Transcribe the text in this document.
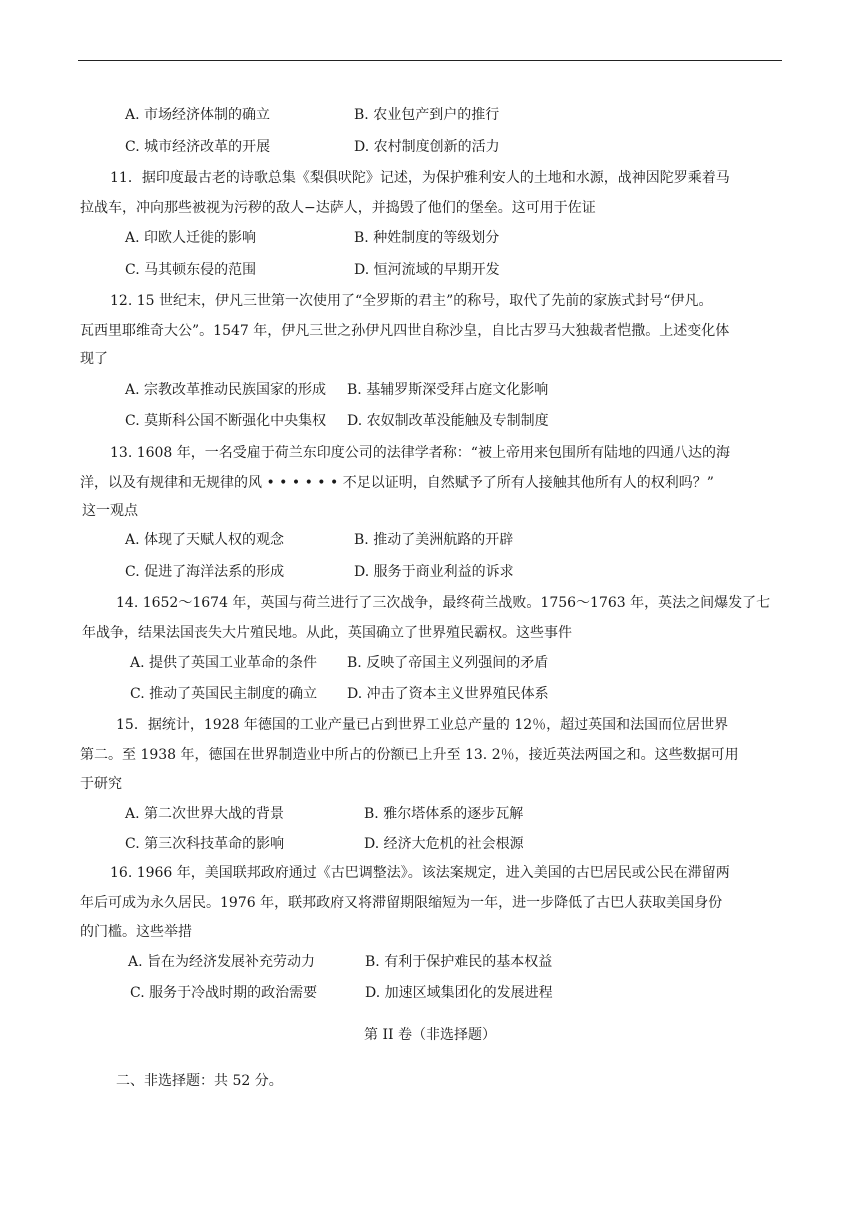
A. 市场经济体制的确立	B. 农业包产到户的推行
C. 城市经济改革的开展	D. 农村制度创新的活力
11．据印度最古老的诗歌总集《梨俱吠陀》记述，为保护雅利安人的土地和水源，战神因陀罗乘着马
拉战车，冲向那些被视为污秽的敌人−达萨人，并捣毁了他们的堡垒。这可用于佐证
A. 印欧人迁徙的影响	B. 种姓制度的等级划分
C. 马其顿东侵的范围	D. 恒河流域的早期开发
12. 15 世纪末，伊凡三世第一次使用了“全罗斯的君主”的称号，取代了先前的家族式封号“伊凡。
瓦西里耶维奇大公”。1547 年，伊凡三世之孙伊凡四世自称沙皇，自比古罗马大独裁者恺撒。上述变化体
现了
A. 宗教改革推动民族国家的形成 B. 基辅罗斯深受拜占庭文化影响
C. 莫斯科公国不断强化中央集权 D. 农奴制改革没能触及专制制度
13. 1608 年，一名受雇于荷兰东印度公司的法律学者称：“被上帝用来包围所有陆地的四通八达的海
洋，以及有规律和无规律的风 • • • • • • 不足以证明，自然赋予了所有人接触其他所有人的权利吗？”
这一观点
A. 体现了天赋人权的观念	B. 推动了美洲航路的开辟
C. 促进了海洋法系的形成	D. 服务于商业利益的诉求
14. 1652～1674 年，英国与荷兰进行了三次战争，最终荷兰战败。1756～1763 年，英法之间爆发了七
年战争，结果法国丧失大片殖民地。从此，英国确立了世界殖民霸权。这些事件
A. 提供了英国工业革命的条件 B. 反映了帝国主义列强间的矛盾
C. 推动了英国民主制度的确立 D. 冲击了资本主义世界殖民体系
15．据统计，1928 年德国的工业产量已占到世界工业总产量的 12％，超过英国和法国而位居世界
第二。至 1938 年，德国在世界制造业中所占的份额已上升至 13. 2％，接近英法两国之和。这些数据可用
于研究
A. 第二次世界大战的背景	B. 雅尔塔体系的逐步瓦解
C. 第三次科技革命的影响	D. 经济大危机的社会根源
16. 1966 年，美国联邦政府通过《古巴调整法》。该法案规定，进入美国的古巴居民或公民在滞留两
年后可成为永久居民。1976 年，联邦政府又将滞留期限缩短为一年，进一步降低了古巴人获取美国身份
的门槛。这些举措
A. 旨在为经济发展补充劳动力	B. 有利于保护难民的基本权益
C. 服务于冷战时期的政治需要	D. 加速区域集团化的发展进程
第 II 卷（非选择题）
二、非选择题：共 52 分。
